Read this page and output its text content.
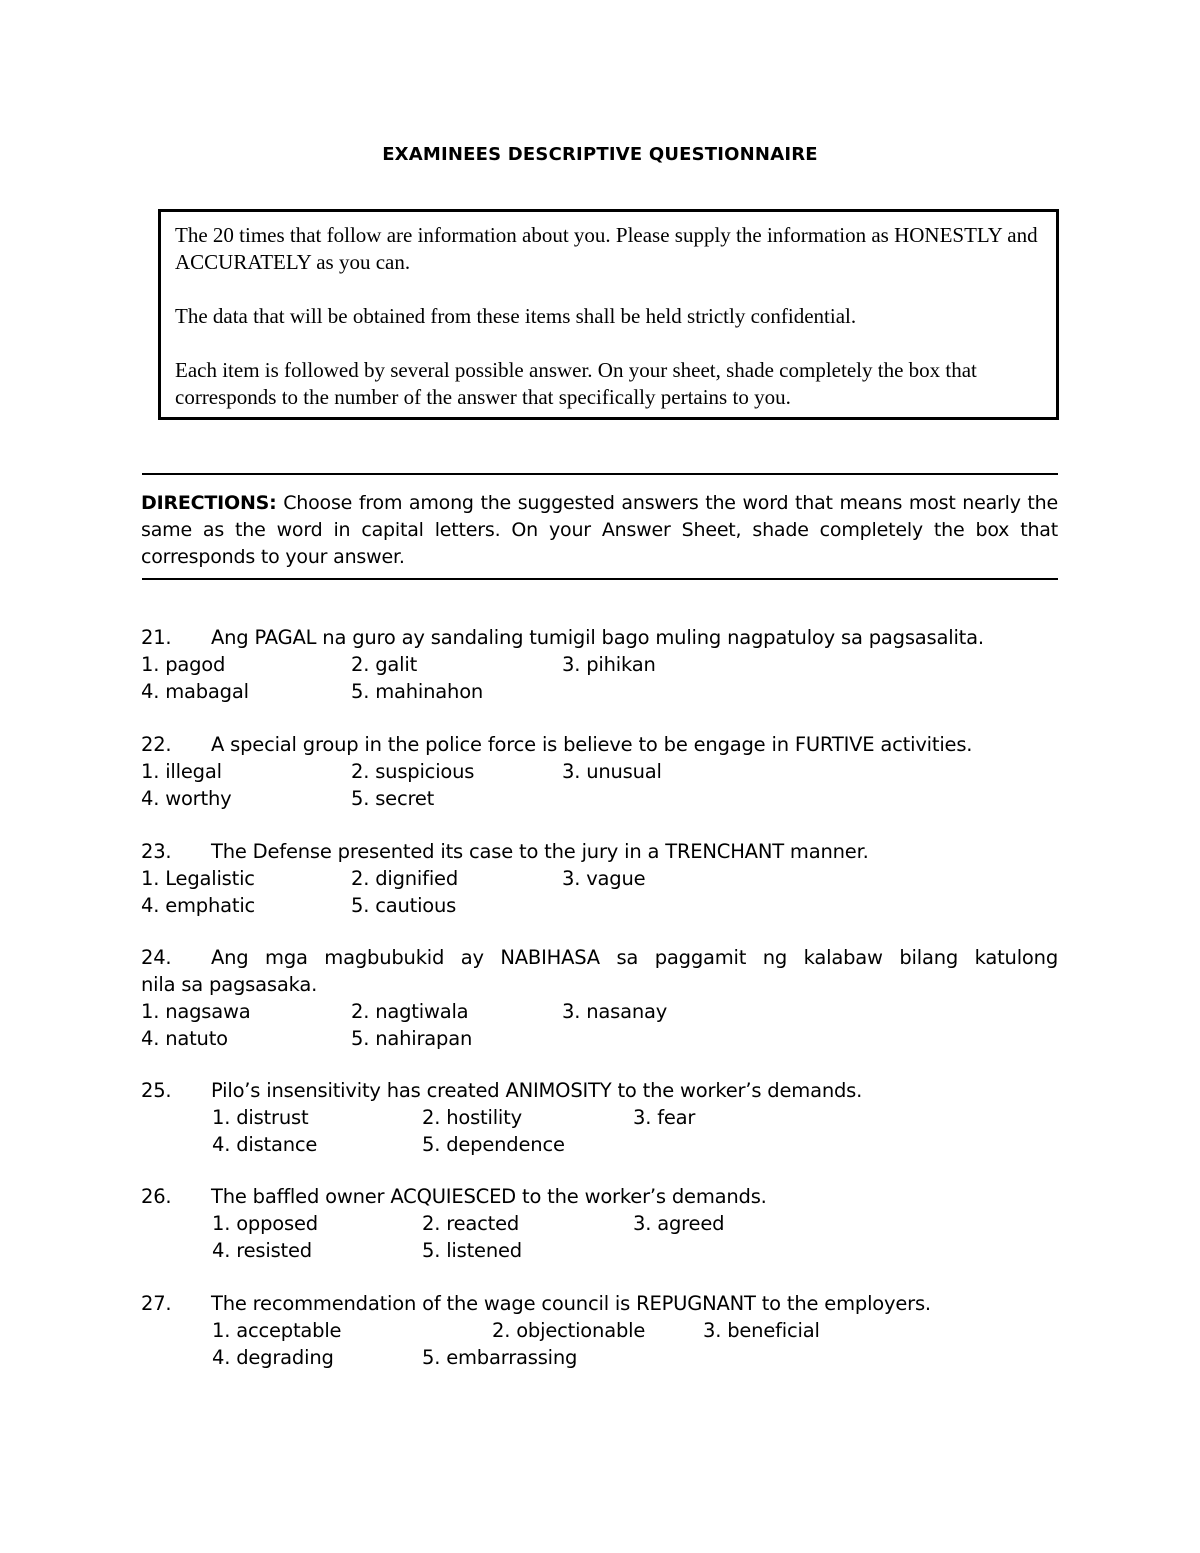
EXAMINEES DESCRIPTIVE QUESTIONNAIRE

The 20 times that follow are information about you. Please supply the information as HONESTLY and ACCURATELY as you can.

The data that will be obtained from these items shall be held strictly confidential.

Each item is followed by several possible answer. On your sheet, shade completely the box that corresponds to the number of the answer that specifically pertains to you.

DIRECTIONS: Choose from among the suggested answers the word that means most nearly the same as the word in capital letters. On your Answer Sheet, shade completely the box that corresponds to your answer.
21.	Ang PAGAL na guro ay sandaling tumigil bago muling nagpatuloy sa pagsasalita.
1. pagod	2. galit	3. pihikan
4. mabagal	5. mahinahon
22.	A special group in the police force is believe to be engage in FURTIVE activities.
1. illegal	2. suspicious	3. unusual
4. worthy	5. secret
23.	The Defense presented its case to the jury in a TRENCHANT manner.
1. Legalistic	2. dignified	3. vague
4. emphatic	5. cautious
24.	Ang mga magbubukid ay NABIHASA sa paggamit ng kalabaw bilang katulong
nila sa pagsasaka.
1. nagsawa	2. nagtiwala	3. nasanay
4. natuto	5. nahirapan
25.	Pilo’s insensitivity has created ANIMOSITY to the worker’s demands.
1. distrust	2. hostility	3. fear
4. distance	5. dependence
26.	The baffled owner ACQUIESCED to the worker’s demands.
1. opposed	2. reacted	3. agreed
4. resisted	5. listened
27.	The recommendation of the wage council is REPUGNANT to the employers.
1. acceptable	2. objectionable	3. beneficial
4. degrading	5. embarrassing
